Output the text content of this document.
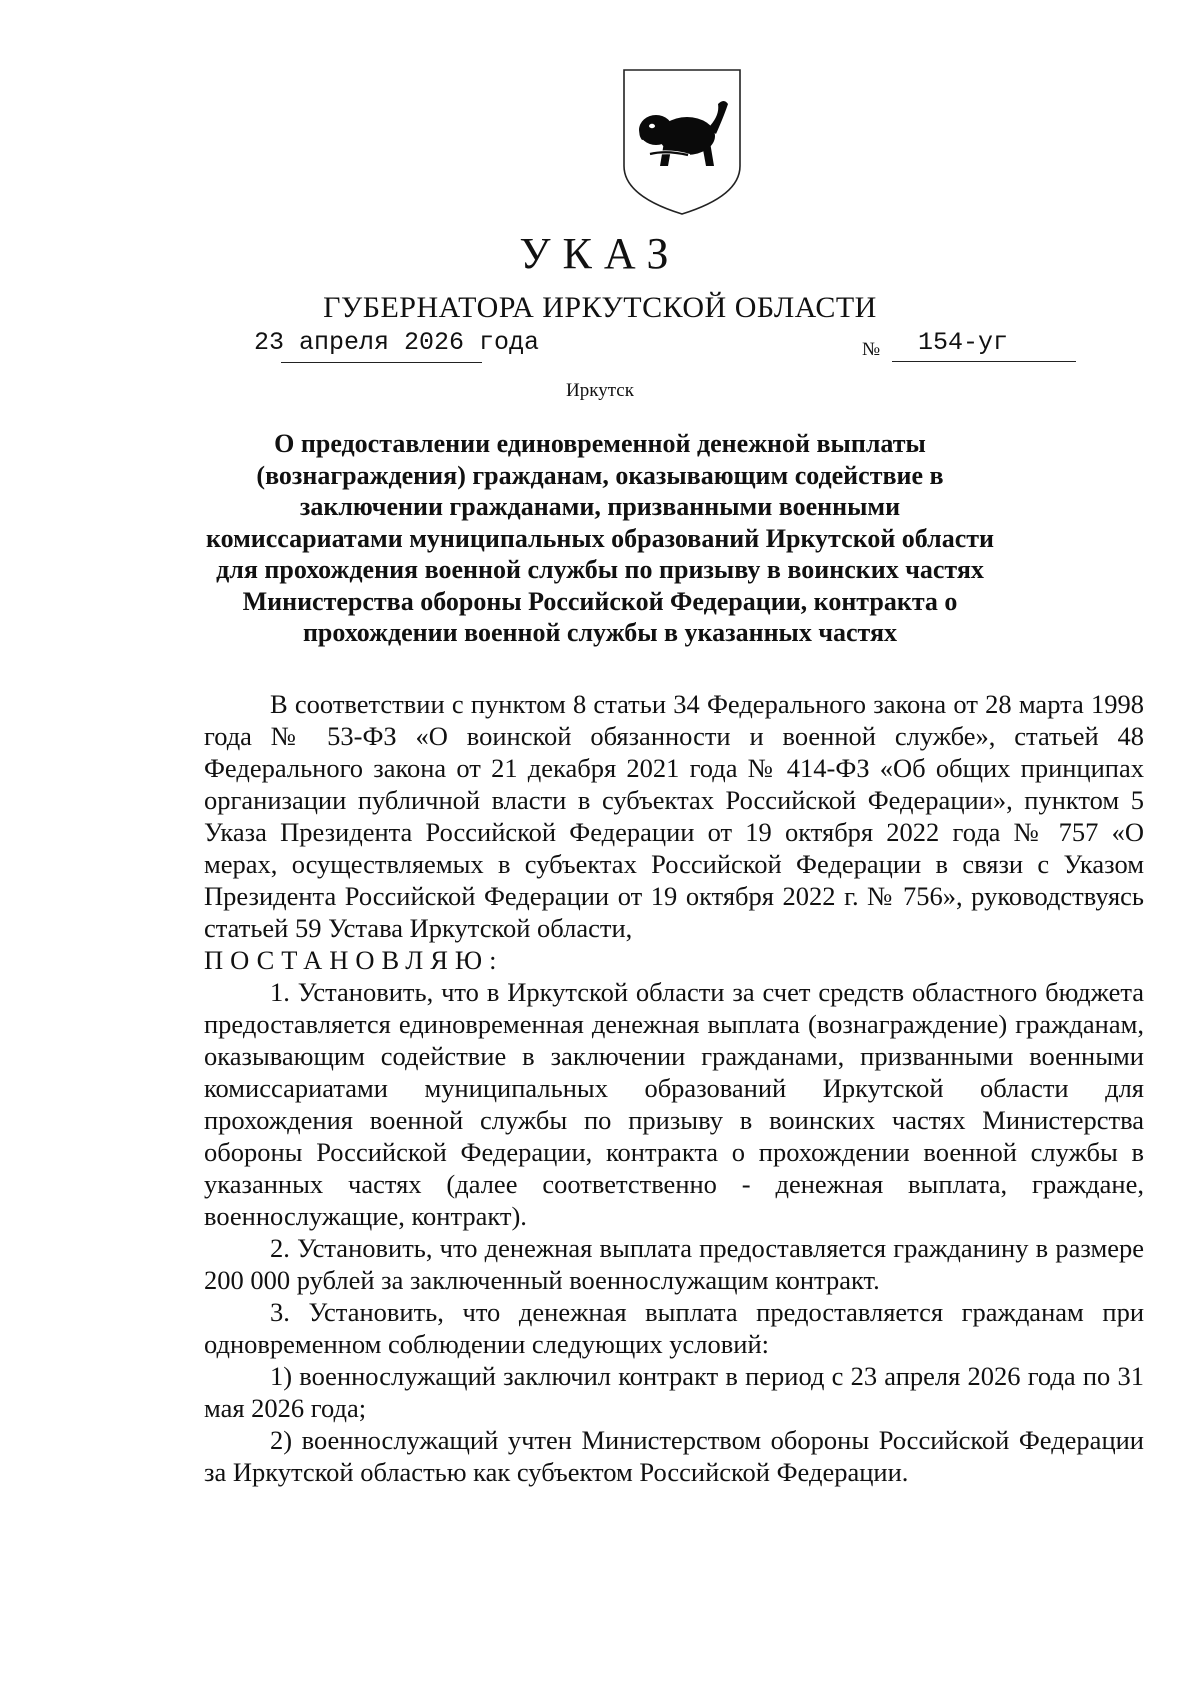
УКАЗ
ГУБЕРНАТОРА ИРКУТСКОЙ ОБЛАСТИ
23 апреля 2026 года	№ 154-уг
Иркутск
О предоставлении единовременной денежной выплаты (вознаграждения) гражданам, оказывающим содействие в заключении гражданами, призванными военными комиссариатами муниципальных образований Иркутской области для прохождения военной службы по призыву в воинских частях Министерства обороны Российской Федерации, контракта о прохождении военной службы в указанных частях

В соответствии с пунктом 8 статьи 34 Федерального закона от 28 марта 1998 года № 53-ФЗ «О воинской обязанности и военной службе», статьей 48 Федерального закона от 21 декабря 2021 года № 414-ФЗ «Об общих принципах организации публичной власти в субъектах Российской Федерации», пунктом 5 Указа Президента Российской Федерации от 19 октября 2022 года № 757 «О мерах, осуществляемых в субъектах Российской Федерации в связи с Указом Президента Российской Федерации от 19 октября 2022 г. № 756», руководствуясь статьей 59 Устава Иркутской области,

ПОСТАНОВЛЯЮ:

1. Установить, что в Иркутской области за счет средств областного бюджета предоставляется единовременная денежная выплата (вознаграждение) гражданам, оказывающим содействие в заключении гражданами, призванными военными комиссариатами муниципальных образований Иркутской области для прохождения военной службы по призыву в воинских частях Министерства обороны Российской Федерации, контракта о прохождении военной службы в указанных частях (далее соответственно - денежная выплата, граждане, военнослужащие, контракт).

2. Установить, что денежная выплата предоставляется гражданину в размере 200 000 рублей за заключенный военнослужащим контракт.

3. Установить, что денежная выплата предоставляется гражданам при одновременном соблюдении следующих условий:

1) военнослужащий заключил контракт в период с 23 апреля 2026 года по 31 мая 2026 года;

2) военнослужащий учтен Министерством обороны Российской Федерации за Иркутской областью как субъектом Российской Федерации.
